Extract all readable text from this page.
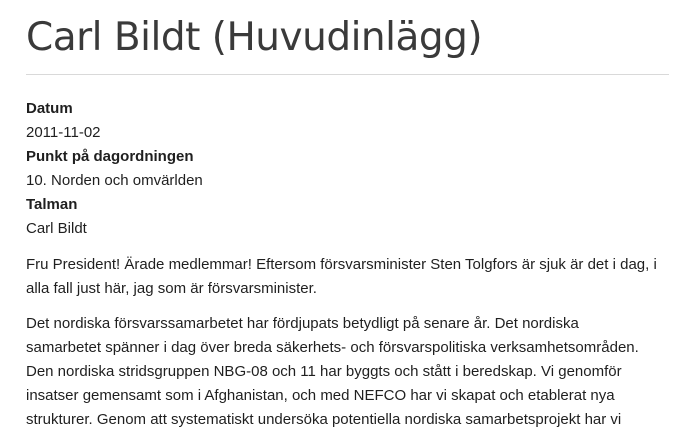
Carl Bildt (Huvudinlägg)
Datum
2011-11-02
Punkt på dagordningen
10. Norden och omvärlden
Talman
Carl Bildt

Fru President! Ärade medlemmar! Eftersom försvarsminister Sten Tolgfors är sjuk är det i dag, i
alla fall just här, jag som är försvarsminister.

Det nordiska försvarssamarbetet har fördjupats betydligt på senare år. Det nordiska
samarbetet spänner i dag över breda säkerhets- och försvarspolitiska verksamhetsområden.
Den nordiska stridsgruppen NBG-08 och 11 har byggts och stått i beredskap. Vi genomför
insatser gemensamt som i Afghanistan, och med NEFCO har vi skapat och etablerat nya
strukturer. Genom att systematiskt undersöka potentiella nordiska samarbetsprojekt har vi
